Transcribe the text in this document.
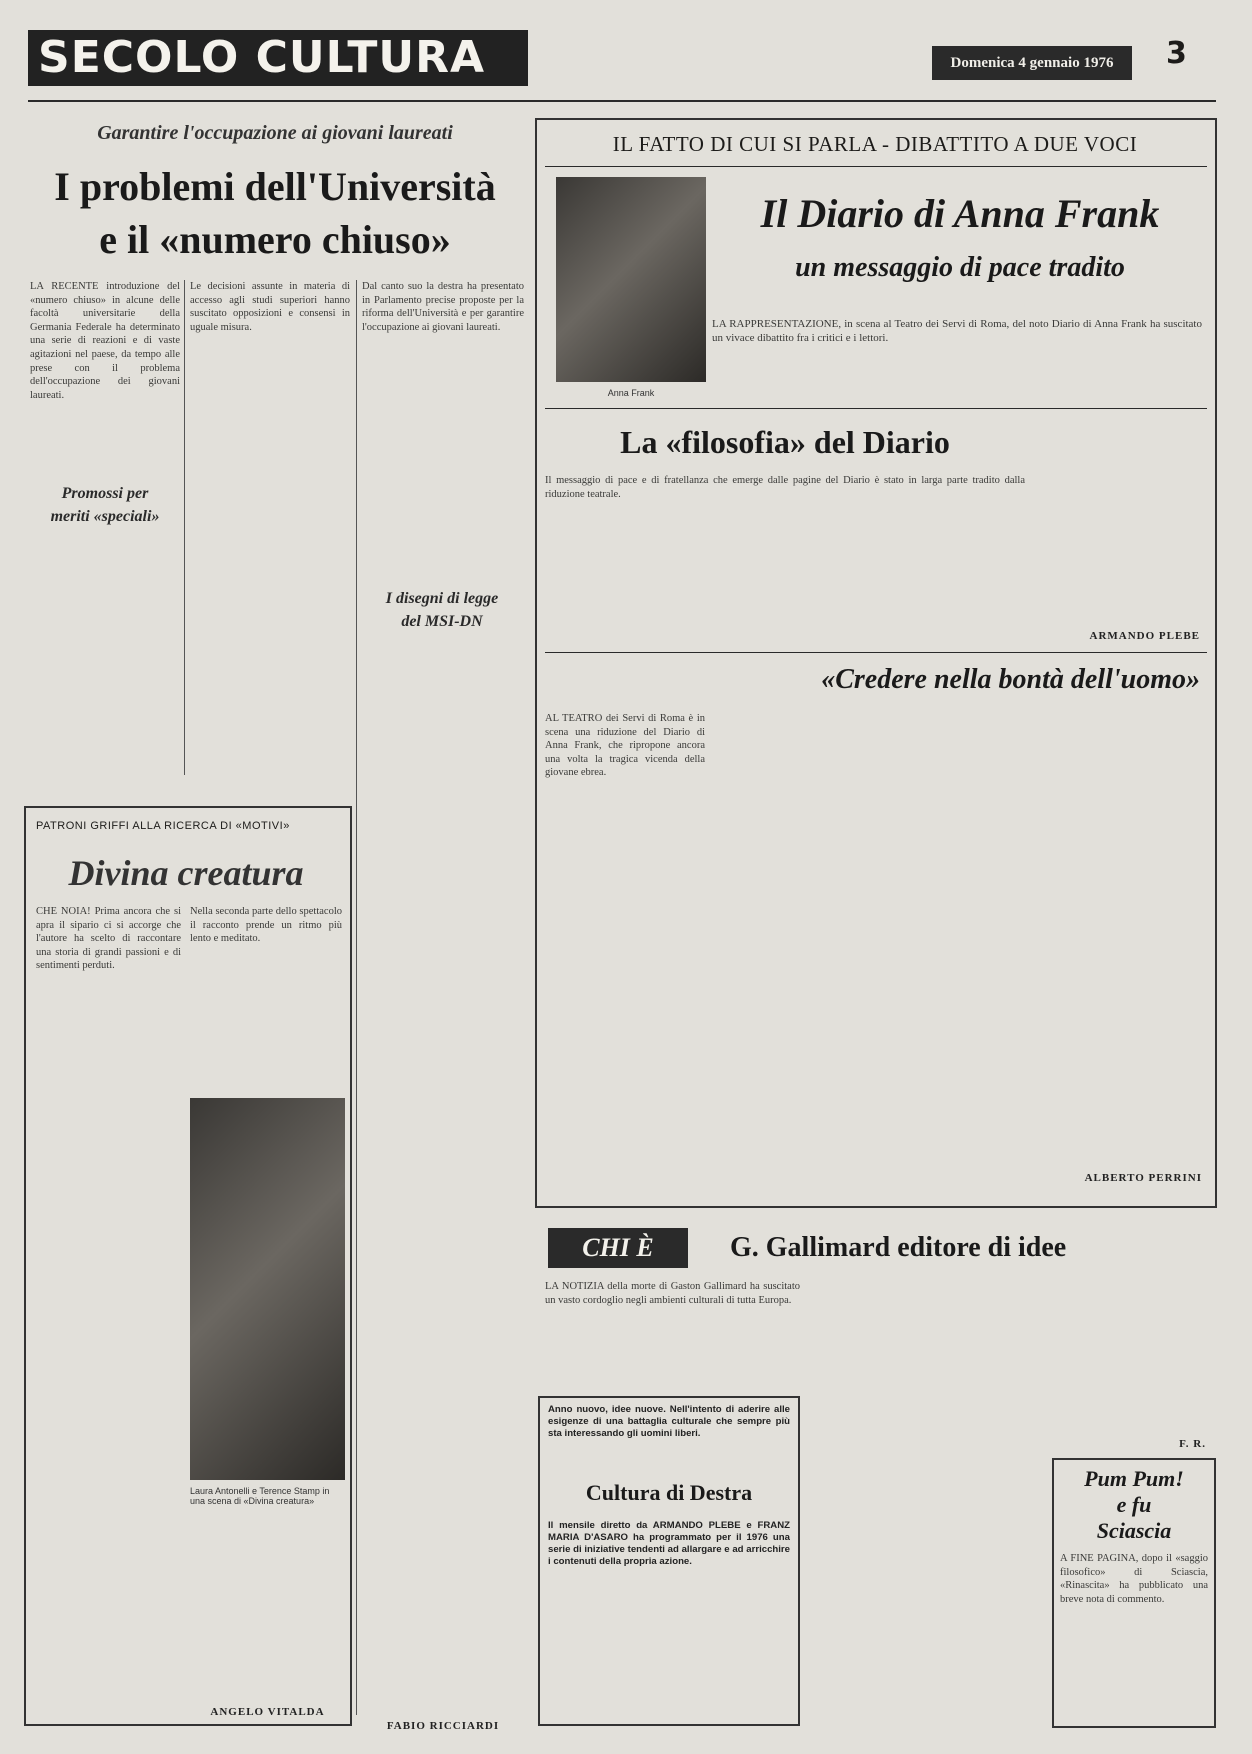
SECOLO CULTURA	Domenica 4 gennaio 1976	3
Garantire l'occupazione ai giovani laureati
I problemi dell'Università
e il «numero chiuso»

LA RECENTE introduzione del «numero chiuso» in alcune delle facoltà universitarie della Germania Federale ha determinato una serie di reazioni e di vaste agitazioni nel paese, da tempo alle prese con il problema dell'occupazione dei giovani laureati.

Promossi per
meriti «speciali»

Le decisioni assunte in materia di accesso agli studi superiori hanno suscitato opposizioni e consensi in uguale misura.

I disegni di legge
del MSI-DN

Dal canto suo la destra ha presentato in Parlamento precise proposte per la riforma dell'Università e per garantire l'occupazione ai giovani laureati.

FABIO RICCIARDI
PATRONI GRIFFI ALLA RICERCA DI «MOTIVI»
Divina creatura

CHE NOIA! Prima ancora che si apra il sipario ci si accorge che l'autore ha scelto di raccontare una storia di grandi passioni e di sentimenti perduti.

Nella seconda parte dello spettacolo il racconto prende un ritmo più lento e meditato.

Laura Antonelli e Terence Stamp in una scena di «Divina creatura»
ANGELO VITALDA
IL FATTO DI CUI SI PARLA - DIBATTITO A DUE VOCI
Anna Frank
Il Diario di Anna Frank
un messaggio di pace tradito

LA RAPPRESENTAZIONE, in scena al Teatro dei Servi di Roma, del noto Diario di Anna Frank ha suscitato un vivace dibattito fra i critici e i lettori.

La «filosofia» del Diario

Il messaggio di pace e di fratellanza che emerge dalle pagine del Diario è stato in larga parte tradito dalla riduzione teatrale.

ARMANDO PLEBE
«Credere nella bontà dell'uomo»

AL TEATRO dei Servi di Roma è in scena una riduzione del Diario di Anna Frank, che ripropone ancora una volta la tragica vicenda della giovane ebrea.

ALBERTO PERRINI
CHI È	G. Gallimard editore di idee

LA NOTIZIA della morte di Gaston Gallimard ha suscitato un vasto cordoglio negli ambienti culturali di tutta Europa.

F. R.
Anno nuovo, idee nuove. Nell'intento di aderire alle esigenze di una battaglia culturale che sempre più sta interessando gli uomini liberi.
Cultura di Destra
Il mensile diretto da ARMANDO PLEBE e FRANZ MARIA D'ASARO ha programmato per il 1976 una serie di iniziative tendenti ad allargare e ad arricchire i contenuti della propria azione.
Pum Pum!
e fu
Sciascia

A FINE PAGINA, dopo il «saggio filosofico» di Sciascia, «Rinascita» ha pubblicato una breve nota di commento.
